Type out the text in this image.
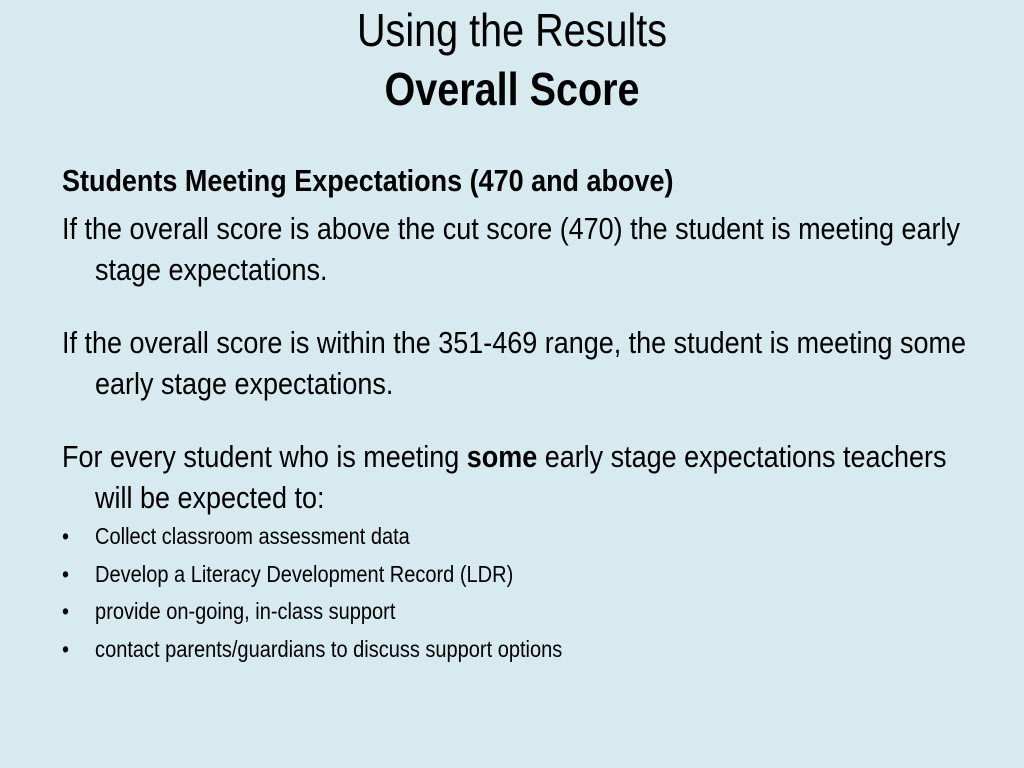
Using the Results
Overall Score
Students Meeting Expectations (470 and above)
If the overall score is above the cut score (470) the student is meeting early stage expectations.
If the overall score is within the 351-469 range, the student is meeting some early stage expectations.
For every student who is meeting some early stage expectations teachers will be expected to:
• Collect classroom assessment data
• Develop a Literacy Development Record (LDR)
• provide on-going, in-class support
• contact parents/guardians to discuss support options
